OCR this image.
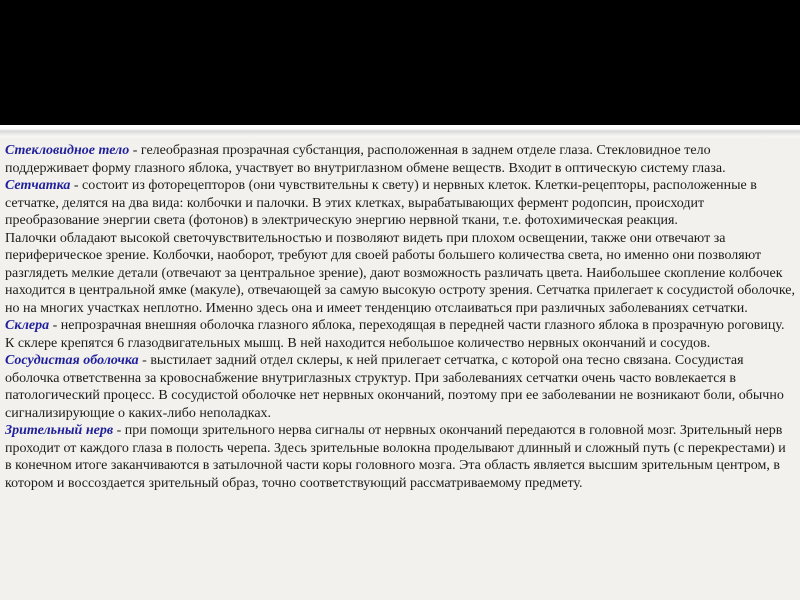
Стекловидное тело - гелеобразная прозрачная субстанция, расположенная в заднем отделе глаза. Стекловидное тело поддерживает форму глазного яблока, участвует во внутриглазном обмене веществ. Входит в оптическую систему глаза.

Сетчатка - состоит из фоторецепторов (они чувствительны к свету) и нервных клеток. Клетки-рецепторы, расположенные в сетчатке, делятся на два вида: колбочки и палочки. В этих клетках, вырабатывающих фермент родопсин, происходит преобразование энергии света (фотонов) в электрическую энергию нервной ткани, т.е. фотохимическая реакция.

Палочки обладают высокой светочувствительностью и позволяют видеть при плохом освещении, также они отвечают за периферическое зрение. Колбочки, наоборот, требуют для своей работы большего количества света, но именно они позволяют разглядеть мелкие детали (отвечают за центральное зрение), дают возможность различать цвета. Наибольшее скопление колбочек находится в центральной ямке (макуле), отвечающей за самую высокую остроту зрения. Сетчатка прилегает к сосудистой оболочке, но на многих участках неплотно. Именно здесь она и имеет тенденцию отслаиваться при различных заболеваниях сетчатки.

Склера - непрозрачная внешняя оболочка глазного яблока, переходящая в передней части глазного яблока в прозрачную роговицу. К склере крепятся 6 глазодвигательных мышц. В ней находится небольшое количество нервных окончаний и сосудов.

Сосудистая оболочка - выстилает задний отдел склеры, к ней прилегает сетчатка, с которой она тесно связана. Сосудистая оболочка ответственна за кровоснабжение внутриглазных структур. При заболеваниях сетчатки очень часто вовлекается в патологический процесс. В сосудистой оболочке нет нервных окончаний, поэтому при ее заболевании не возникают боли, обычно сигнализирующие о каких-либо неполадках.

Зрительный нерв - при помощи зрительного нерва сигналы от нервных окончаний передаются в головной мозг. Зрительный нерв проходит от каждого глаза в полость черепа. Здесь зрительные волокна проделывают длинный и сложный путь (с перекрестами) и в конечном итоге заканчиваются в затылочной части коры головного мозга. Эта область является высшим зрительным центром, в котором и воссоздается зрительный образ, точно соответствующий рассматриваемому предмету.
